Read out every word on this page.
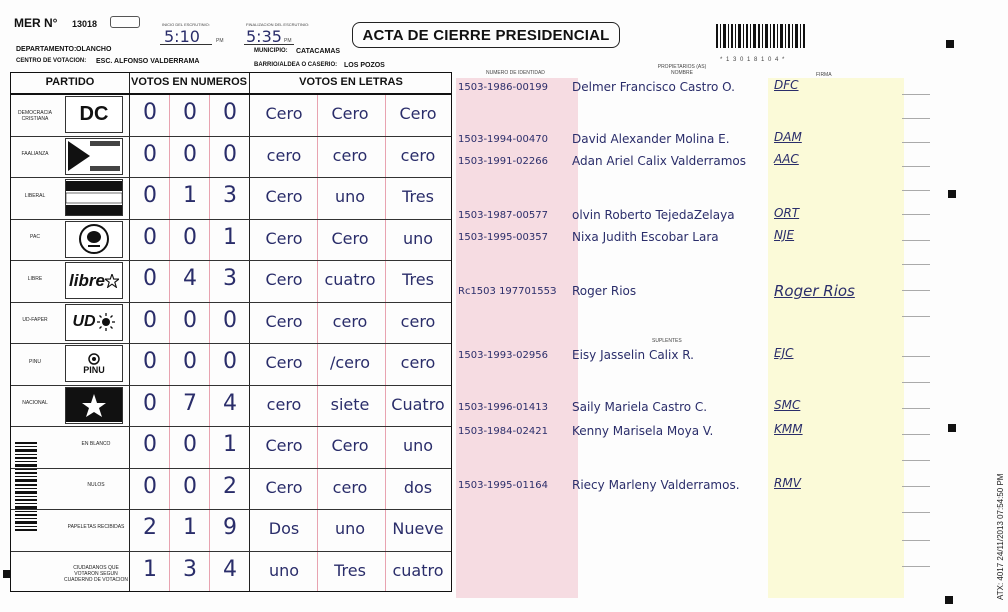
MER N° 13018	INICIO DEL ESCRUTINIO:
5:10	PM
FINALIZACION DEL ESCRUTINIO:
5:35 PM
DEPARTAMENTO: OLANCHO	MUNICIPIO: CATACAMAS
CENTRO DE VOTACION: ESC. ALFONSO VALDERRAMA	BARRIO/ALDEA O CASERIO: LOS POZOS
ACTA DE CIERRE PRESIDENCIAL
* 1 3 0 1 8 1 0 4 *
PARTIDO	VOTOS EN NUMEROS	VOTOS EN LETRAS
DEMOCRACIA CRISTIANA	DC	0	0	0	Cero	Cero	Cero
FAALIANZA	0	0	0	cero	cero	cero
LIBERAL	0	1	3	Cero	uno	Tres
PAC	0	0	1	Cero	Cero	uno
LIBRE	libre	0	4	3	Cero	cuatro	Tres
UD-FAPER	UD	0	0	0	Cero	cero	cero
PINU
PINU	0	0	0	Cero	/cero	cero
NACIONAL	0	7	4	cero	siete	Cuatro
EN BLANCO	0	0	1	Cero	Cero	uno
NULOS	0	0	2	Cero	cero	dos
PAPELETAS RECIBIDAS 2	1	9	Dos	uno	Nueve
CIUDADANOS QUE VOTARON SEGUN CUADERNO DE VOTACION 1	3	4	uno	Tres	cuatro
NUMERO DE IDENTIDAD
PROPIETARIOS (AS) NOMBRE	FIRMA
SUPLENTES
1503-1986-00199 Delmer Francisco Castro O.	DFC
1503-1994-00470 David Alexander Molina E.	DAM
1503-1991-02266 Adan Ariel Calix Valderramos AAC
1503-1987-00577 olvin Roberto TejedaZelaya	ORT
1503-1995-00357 Nixa Judith Escobar Lara	NJE
Rc1503 19770155З Roger Rios	Roger Rios
1503-1993-02956 Eisy Jasselin Calix R.	EJC
1503-1996-01413 Saily Mariela Castro C.	SMC
1503-1984-02421 Kenny Marisela Moya V.	KMM
1503-1995-01164 Riecy Marleny Valderramos.	RMV	ATX: 4017 24/11/2013 07:54:50 PM
